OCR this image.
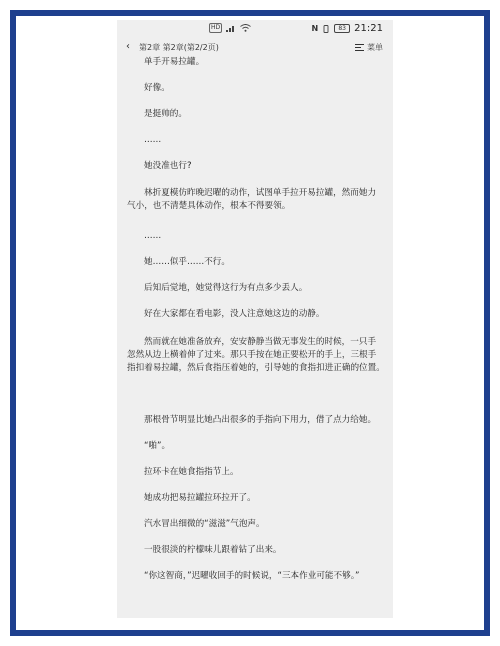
HD	N	83 21:21
‹ 第2章 第2章(第2/2页)	菜单
单手开易拉罐。
好像。
是挺帅的。
……
她没准也行?
林折夏模仿昨晚迟曜的动作，试图单手拉开易拉罐，然而她力
气小，也不清楚具体动作，根本不得要领。
……
她……似乎……不行。
后知后觉地，她觉得这行为有点多少丢人。
好在大家都在看电影，没人注意她这边的动静。
然而就在她准备放弃，安安静静当做无事发生的时候，一只手
忽然从边上横着伸了过来。那只手按在她正要松开的手上，三根手
指扣着易拉罐，然后食指压着她的，引导她的食指扣进正确的位置。
那根骨节明显比她凸出很多的手指向下用力，借了点力给她。
“啪”。
拉环卡在她食指指节上。
她成功把易拉罐拉环拉开了。
汽水冒出细微的“滋滋”气泡声。
一股很淡的柠檬味儿跟着钻了出来。
“你这智商，”迟曜收回手的时候说，“三本作业可能不够。”
